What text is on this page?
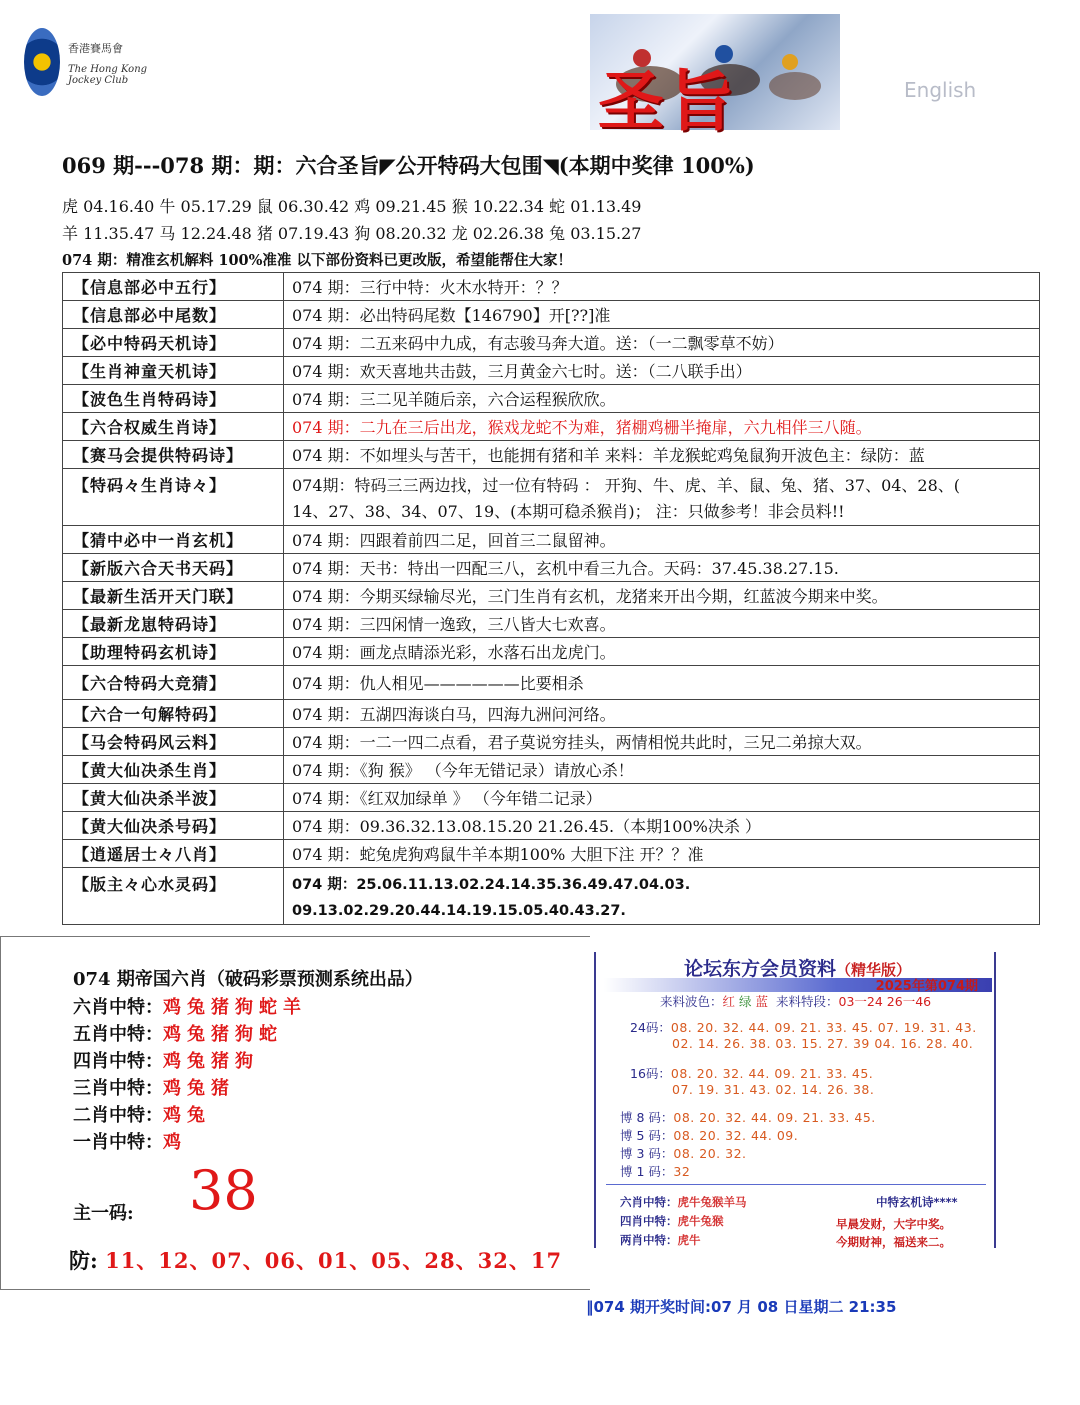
香港賽馬會
The Hong Kong Jockey Club	圣旨	English
069 期---078 期：期：六合圣旨◤公开特码大包围◥(本期中奖律 100%)
虎 04.16.40 牛 05.17.29 鼠 06.30.42 鸡 09.21.45 猴 10.22.34 蛇 01.13.49
羊 11.35.47 马 12.24.48 猪 07.19.43 狗 08.20.32 龙 02.26.38 兔 03.15.27
074 期：精准玄机解料 100%准准 以下部份资料已更改版，希望能帮住大家！
【信息部必中五行】	074 期：三行中特：火木水特开：？？
【信息部必中尾数】	074 期：必出特码尾数【146790】开[??]准
【必中特码天机诗】	074 期：二五来码中九成，有志骏马奔大道。送：（一二飘零草不妨）
【生肖神童天机诗】	074 期：欢天喜地共击鼓，三月黄金六七时。送：（二八联手出）
【波色生肖特码诗】	074 期：三二见羊随后亲，六合运程猴欣欣。
【六合权威生肖诗】	074 期：二九在三后出龙，猴戏龙蛇不为难，猪棚鸡栅半掩扉，六九相伴三八随。
【赛马会提供特码诗】	074 期：不如埋头与苦干，也能拥有猪和羊 来料：羊龙猴蛇鸡兔鼠狗开波色主：绿防：蓝
【特码々生肖诗々】	074期：特码三三两边找，过一位有特码 ： 开狗、牛、虎、羊、鼠、兔、猪、37、04、28、(
14、27、38、34、07、19、(本期可稳杀猴肖)； 注：只做参考！非会员料!!

【猜中必中一肖玄机】	074 期：四跟着前四二足，回首三二鼠留神。
【新版六合天书天码】	074 期：天书：特出一四配三八，玄机中看三九合。天码：37.45.38.27.15.
【最新生活开天门联】	074 期：今期买绿输尽光，三门生肖有玄机，龙猪来开出今期，红蓝波今期来中奖。
【最新龙崽特码诗】	074 期：三四闲情一逸致，三八皆大七欢喜。
【助理特码玄机诗】	074 期：画龙点睛添光彩，水落石出龙虎门。
【六合特码大竞猜】	074 期：仇人相见——————比要相杀
【六合一句解特码】	074 期：五湖四海谈白马，四海九洲问河络。
【马会特码风云料】	074 期：一二一四二点看，君子莫说穷挂头，两情相悦共此时，三兄二弟掠大双。
【黄大仙决杀生肖】	074 期：《狗 猴》 （今年无错记录）请放心杀！
【黄大仙决杀半波】	074 期：《红双加绿单 》 （今年错二记录）
【黄大仙决杀号码】	074 期：09.36.32.13.08.15.20 21.26.45.（本期100%决杀 ）
【逍遥居士々八肖】	074 期：蛇兔虎狗鸡鼠牛羊本期100% 大胆下注 开？？准
【版主々心水灵码】	074 期：25.06.11.13.02.24.14.35.36.49.47.04.03.
09.13.02.29.20.44.14.19.15.05.40.43.27.
074 期帝国六肖（破码彩票预测系统出品）
六肖中特：鸡兔猪狗蛇羊
五肖中特：鸡兔猪狗蛇
四肖中特：鸡兔猪狗
三肖中特：鸡兔猪
二肖中特：鸡兔
一肖中特：鸡
主一码: 38
防: 11、12、07、06、01、05、28、32、17
论坛东方会员资料（精华版）
2025年第074期
来料波色：红 绿 蓝 来料特段：03一24 26一46
24码：08. 20. 32. 44. 09. 21. 33. 45. 07. 19. 31. 43.
02. 14. 26. 38. 03. 15. 27. 39 04. 16. 28. 40.
16码：08. 20. 32. 44. 09. 21. 33. 45.
07. 19. 31. 43. 02. 14. 26. 38.
博 8 码：08. 20. 32. 44. 09. 21. 33. 45.
博 5 码：08. 20. 32. 44. 09.
博 3 码：08. 20. 32.
博 1 码：32
六肖中特：虎牛兔猴羊马
四肖中特：虎牛兔猴
两肖中特：虎牛
中特玄机诗****
早晨发财，大字中奖。
今期财神，福送来二。
‖074 期开奖时间:07 月 08 日星期二 21:35
